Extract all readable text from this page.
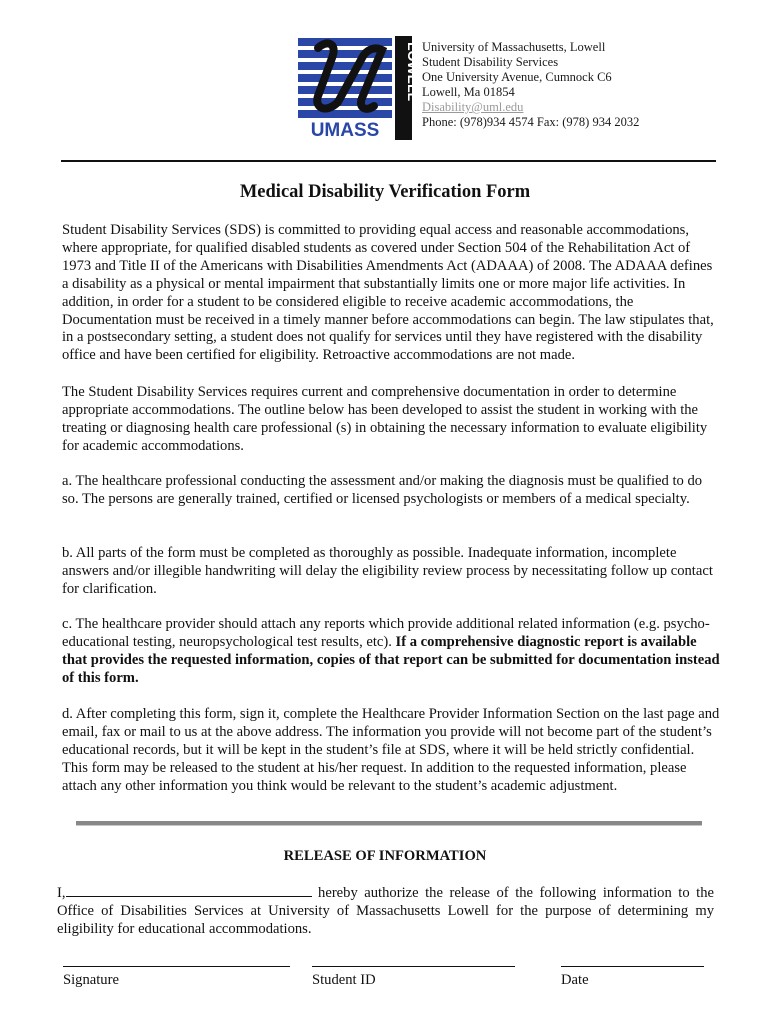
UMASS
LOWELL University of Massachusetts, Lowell
Student Disability Services
One University Avenue, Cumnock C6
Lowell, Ma 01854
Disability@uml.edu
Phone: (978)934 4574 Fax: (978) 934 2032
Medical Disability Verification Form

Student Disability Services (SDS) is committed to providing equal access and reasonable accommodations, where appropriate, for qualified disabled students as covered under Section 504 of the Rehabilitation Act of 1973 and Title II of the Americans with Disabilities Amendments Act (ADAAA) of 2008. The ADAAA defines a disability as a physical or mental impairment that substantially limits one or more major life activities. In addition, in order for a student to be considered eligible to receive academic accommodations, the Documentation must be received in a timely manner before accommodations can begin. The law stipulates that, in a postsecondary setting, a student does not qualify for services until they have registered with the disability office and have been certified for eligibility. Retroactive accommodations are not made.

The Student Disability Services requires current and comprehensive documentation in order to determine appropriate accommodations. The outline below has been developed to assist the student in working with the treating or diagnosing health care professional (s) in obtaining the necessary information to evaluate eligibility for academic accommodations.

a. The healthcare professional conducting the assessment and/or making the diagnosis must be qualified to do so. The persons are generally trained, certified or licensed psychologists or members of a medical specialty.

b. All parts of the form must be completed as thoroughly as possible. Inadequate information, incomplete answers and/or illegible handwriting will delay the eligibility review process by necessitating follow up contact for clarification.

c. The healthcare provider should attach any reports which provide additional related information (e.g. psycho-educational testing, neuropsychological test results, etc). If a comprehensive diagnostic report is available that provides the requested information, copies of that report can be submitted for documentation instead of this form.

d. After completing this form, sign it, complete the Healthcare Provider Information Section on the last page and email, fax or mail to us at the above address. The information you provide will not become part of the student’s educational records, but it will be kept in the student’s file at SDS, where it will be held strictly confidential. This form may be released to the student at his/her request. In addition to the requested information, please attach any other information you think would be relevant to the student’s academic adjustment.

RELEASE OF INFORMATION
I,	hereby authorize the release of the following information to the Office of Disabilities Services at University of Massachusetts Lowell for the purpose of determining my eligibility for educational accommodations.
Signature	Student ID	Date
